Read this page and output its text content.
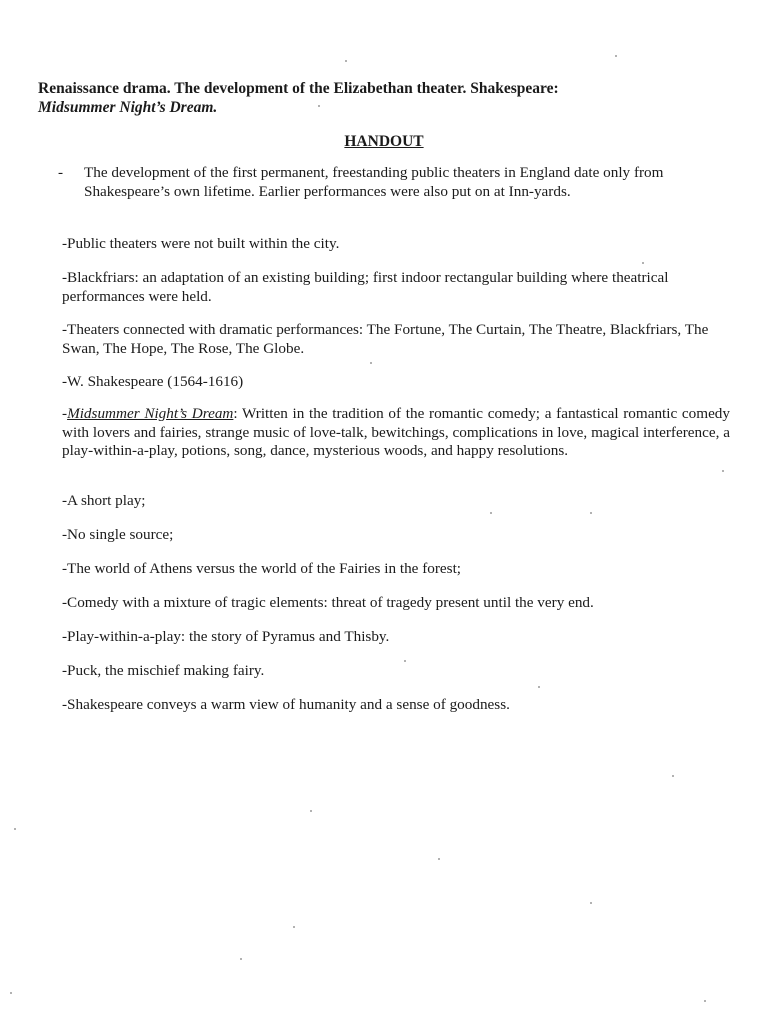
Renaissance drama. The development of the Elizabethan theater. Shakespeare:
Midsummer Night’s Dream.
HANDOUT
- The development of the first permanent, freestanding public theaters in England date only from Shakespeare’s own lifetime. Earlier performances were also put on at Inn-yards.
-Public theaters were not built within the city.
-Blackfriars: an adaptation of an existing building; first indoor rectangular building where theatrical performances were held.
-Theaters connected with dramatic performances: The Fortune, The Curtain, The Theatre, Blackfriars, The Swan, The Hope, The Rose, The Globe.
-W. Shakespeare (1564-1616)
-Midsummer Night’s Dream: Written in the tradition of the romantic comedy; a fantastical romantic comedy with lovers and fairies, strange music of love-talk, bewitchings, complications in love, magical interference, a play-within-a-play, potions, song, dance, mysterious woods, and happy resolutions.
-A short play;
-No single source;
-The world of Athens versus the world of the Fairies in the forest;
-Comedy with a mixture of tragic elements: threat of tragedy present until the very end.
-Play-within-a-play: the story of Pyramus and Thisby.
-Puck, the mischief making fairy.
-Shakespeare conveys a warm view of humanity and a sense of goodness.
